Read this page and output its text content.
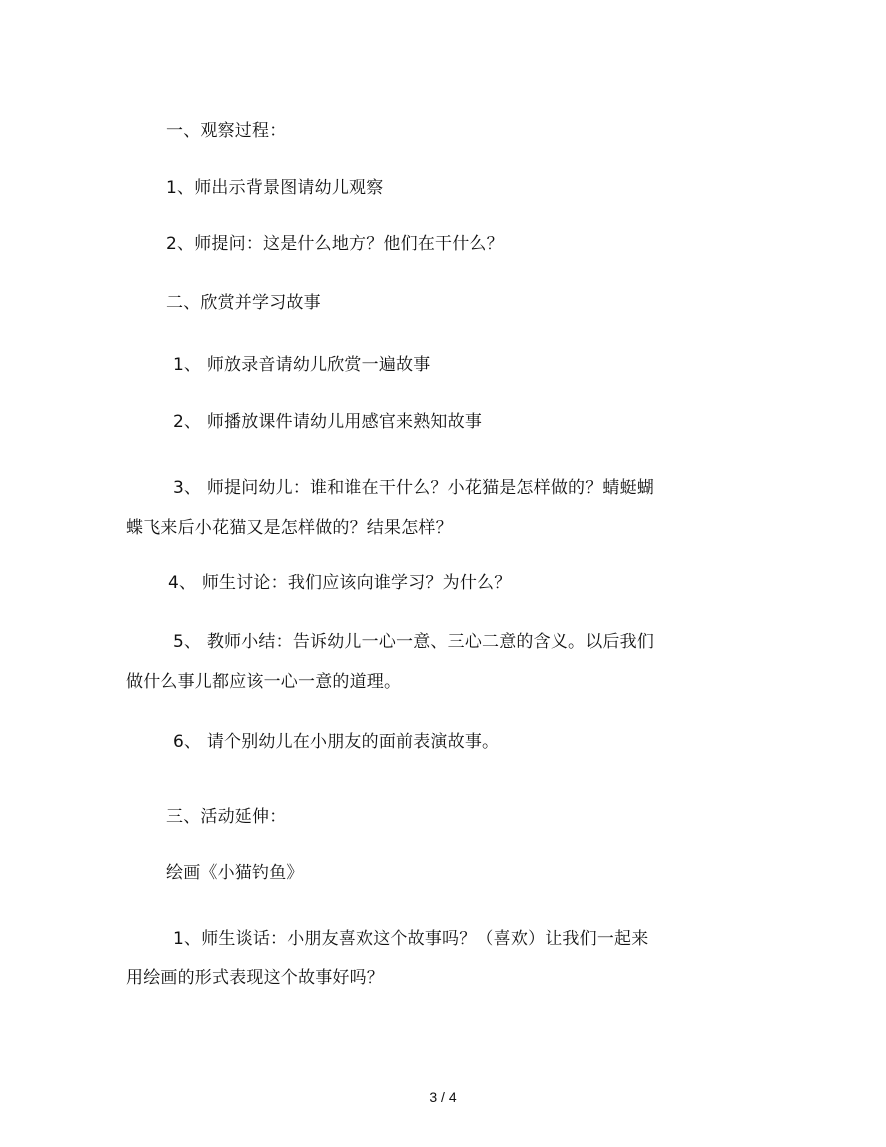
一、观察过程：
1、师出示背景图请幼儿观察
2、师提问：这是什么地方？他们在干什么？
二、欣赏并学习故事
1、 师放录音请幼儿欣赏一遍故事
2、 师播放课件请幼儿用感官来熟知故事
3、 师提问幼儿：谁和谁在干什么？小花猫是怎样做的？蜻蜓蝴
蝶飞来后小花猫又是怎样做的？结果怎样？
4、 师生讨论：我们应该向谁学习？为什么？
5、 教师小结：告诉幼儿一心一意、三心二意的含义。以后我们
做什么事儿都应该一心一意的道理。
6、 请个别幼儿在小朋友的面前表演故事。
三、活动延伸：
绘画《小猫钓鱼》
1、师生谈话：小朋友喜欢这个故事吗？（喜欢）让我们一起来
用绘画的形式表现这个故事好吗？
3 / 4
